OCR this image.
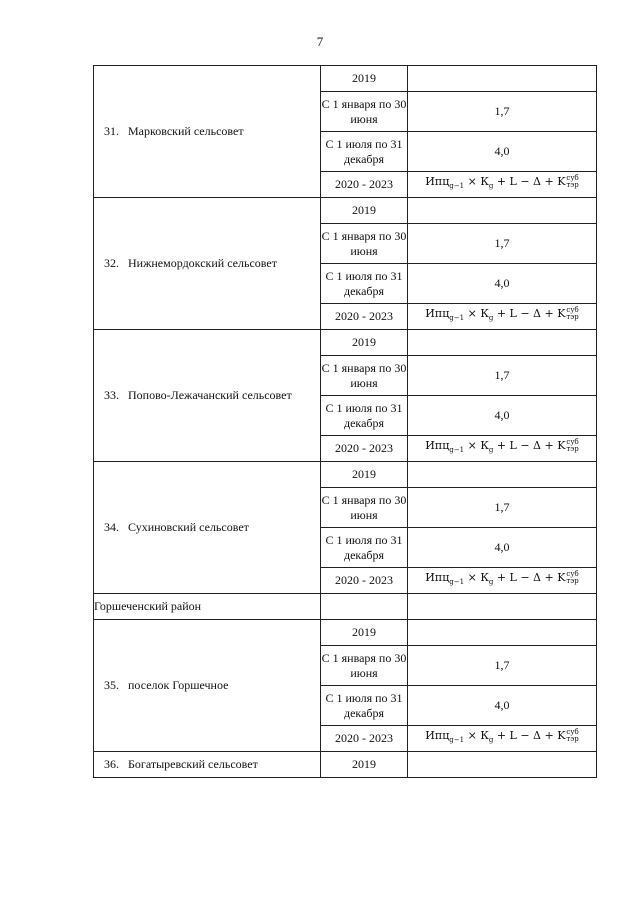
7
31. Марковский сельсовет	2019	
	С 1 января по 30 июня	1,7
	С 1 июля по 31 декабря	4,0
	2020 - 2023	$Ипц_{g-1} \times К_g + L - \Delta + K$ суб
тэр

32. Нижнемордокский сельсовет	2019	
	С 1 января по 30 июня	1,7
	С 1 июля по 31 декабря	4,0
	2020 - 2023	$Ипц_{g-1} \times К_g + L - \Delta + K$ суб
тэр

33. Попово-Лежачанский сельсовет	2019	
	С 1 января по 30 июня	1,7
	С 1 июля по 31 декабря	4,0
	2020 - 2023	$Ипц_{g-1} \times К_g + L - \Delta + K$ суб
тэр

34. Сухиновский сельсовет	2019	
	С 1 января по 30 июня	1,7
	С 1 июля по 31 декабря	4,0
	2020 - 2023	$Ипц_{g-1} \times К_g + L - \Delta + K$ суб
тэр

Горшеченский район		
35. поселок Горшечное	2019	
	С 1 января по 30 июня	1,7
	С 1 июля по 31 декабря	4,0
	2020 - 2023	$Ипц_{g-1} \times К_g + L - \Delta + K$ суб
тэр

36. Богатыревский сельсовет	2019	
